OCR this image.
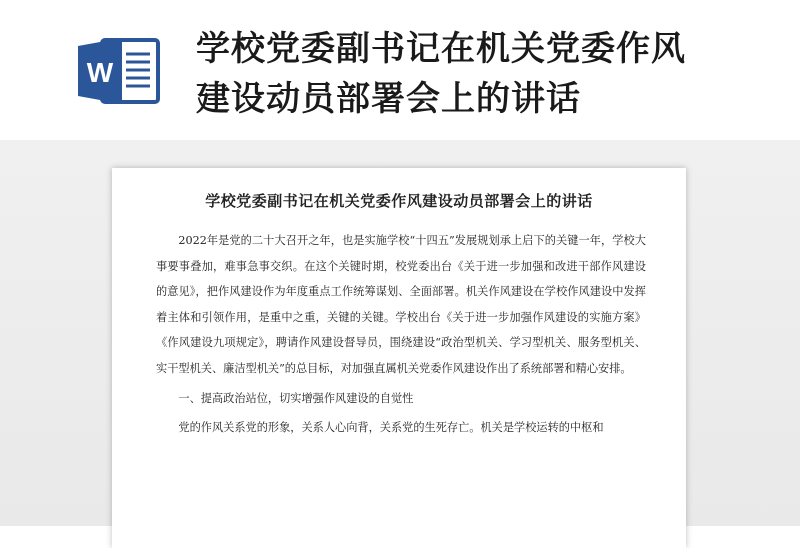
W
学校党委副书记在机关党委作风
建设动员部署会上的讲话
学校党委副书记在机关党委作风建设动员部署会上的讲话

2022年是党的二十大召开之年，也是实施学校“十四五”发展规划承上启下的关键一年，学校大事要事叠加，难事急事交织。在这个关键时期，校党委出台《关于进一步加强和改进干部作风建设的意见》，把作风建设作为年度重点工作统筹谋划、全面部署。机关作风建设在学校作风建设中发挥着主体和引领作用，是重中之重，关键的关键。学校出台《关于进一步加强作风建设的实施方案》《作风建设九项规定》，聘请作风建设督导员，围绕建设“政治型机关、学习型机关、服务型机关、实干型机关、廉洁型机关”的总目标，对加强直属机关党委作风建设作出了系统部署和精心安排。

一、提高政治站位，切实增强作风建设的自觉性

党的作风关系党的形象，关系人心向背，关系党的生死存亡。机关是学校运转的中枢和
